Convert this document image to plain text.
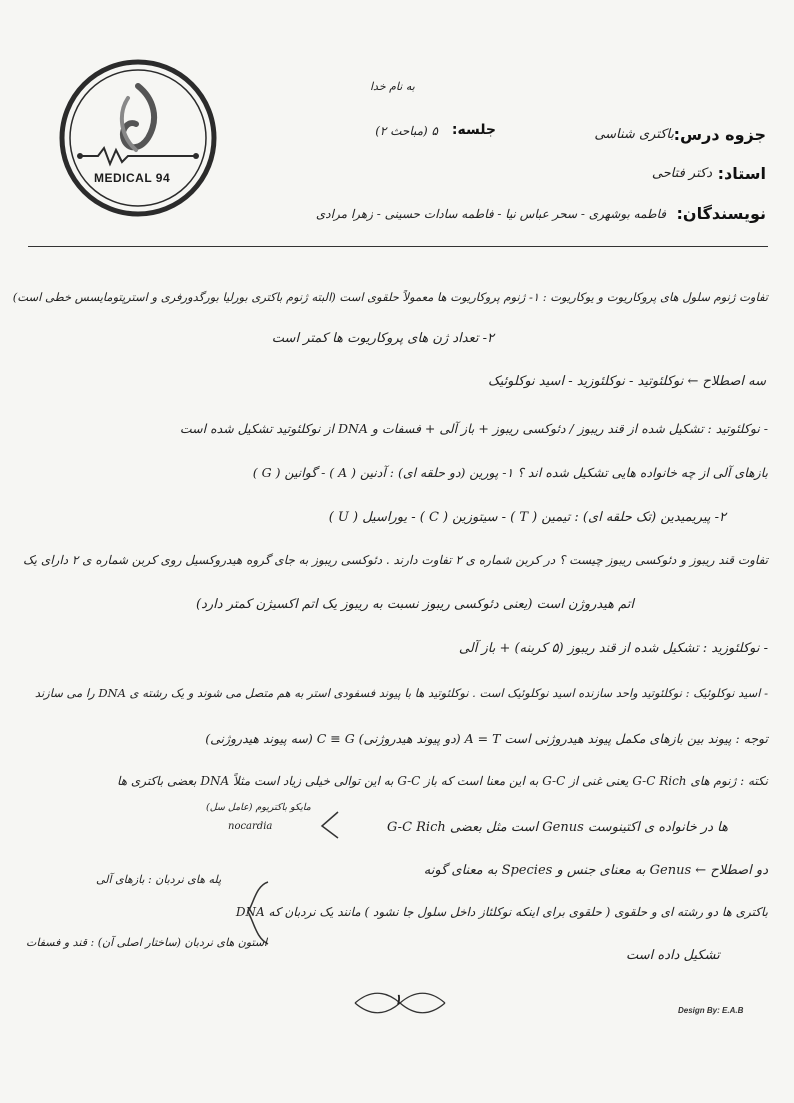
MEDICAL 94
به نام خدا
جزوه درس:
باکتری شناسی
جلسه:
۵ (مباحث ۲)
استاد:
دکتر فتاحی
نویسندگان:
فاطمه بوشهری - سحر عباس نیا - فاطمه سادات حسینی - زهرا مرادی
تفاوت ژنوم سلول های پروکاریوت و یوکاریوت : ۱- ژنوم پروکاریوت ها معمولاً حلقوی است (البته ژنوم باکتری بورلیا بورگدورفری و استرپتومایسس خطی است)
۲- تعداد ژن های پروکاریوت ها کمتر است
سه اصطلاح ← نوکلئوتید - نوکلئوزید - اسید نوکلوئیک
- نوکلئوتید : تشکیل شده از قند ریبوز / دئوکسی ریبوز + باز آلی + فسفات و DNA از نوکلئوتید تشکیل شده است
بازهای آلی از چه خانواده هایی تشکیل شده اند ؟ ۱- پورین (دو حلقه ای) : آدنین ( A ) - گوانین ( G )
۲- پیریمیدین (تک حلقه ای) : تیمین ( T ) - سیتوزین ( C ) - یوراسیل ( U )
تفاوت قند ریبوز و دئوکسی ریبوز چیست ؟ در کربن شماره ی ۲ تفاوت دارند . دئوکسی ریبوز به جای گروه هیدروکسیل روی کربن شماره ی ۲ دارای یک
اتم هیدروژن است (یعنی دئوکسی ریبوز نسبت به ریبوز یک اتم اکسیژن کمتر دارد)
- نوکلئوزید : تشکیل شده از قند ریبوز (۵ کربنه) + باز آلی
- اسید نوکلوئیک : نوکلئوتید واحد سازنده اسید نوکلوئیک است . نوکلئوتید ها با پیوند فسفودی استر به هم متصل می شوند و یک رشته ی DNA را می سازند
توجه : پیوند بین بازهای مکمل پیوند هیدروژنی است A = T (دو پیوند هیدروژنی) C ≡ G (سه پیوند هیدروژنی)
نکته : ژنوم های G-C Rich یعنی غنی از G-C به این معنا است که باز G-C به این توالی خیلی زیاد است مثلاً DNA بعضی باکتری ها
مایکو باکتریوم (عامل سل)
nocardia	G-C Rich است مثل بعضی Genus ها در خانواده ی اکتینوست
دو اصطلاح ← Genus به معنای جنس و Species به معنای گونه
پله های نردبان : بازهای آلی
DNA باکتری ها دو رشته ای و حلقوی ( حلقوی برای اینکه نوکلئاز داخل سلول جا نشود ) مانند یک نردبان که
استون های نردبان (ساختار اصلی آن) : قند و فسفات
تشکیل داده است
۱
Design By: E.A.B
